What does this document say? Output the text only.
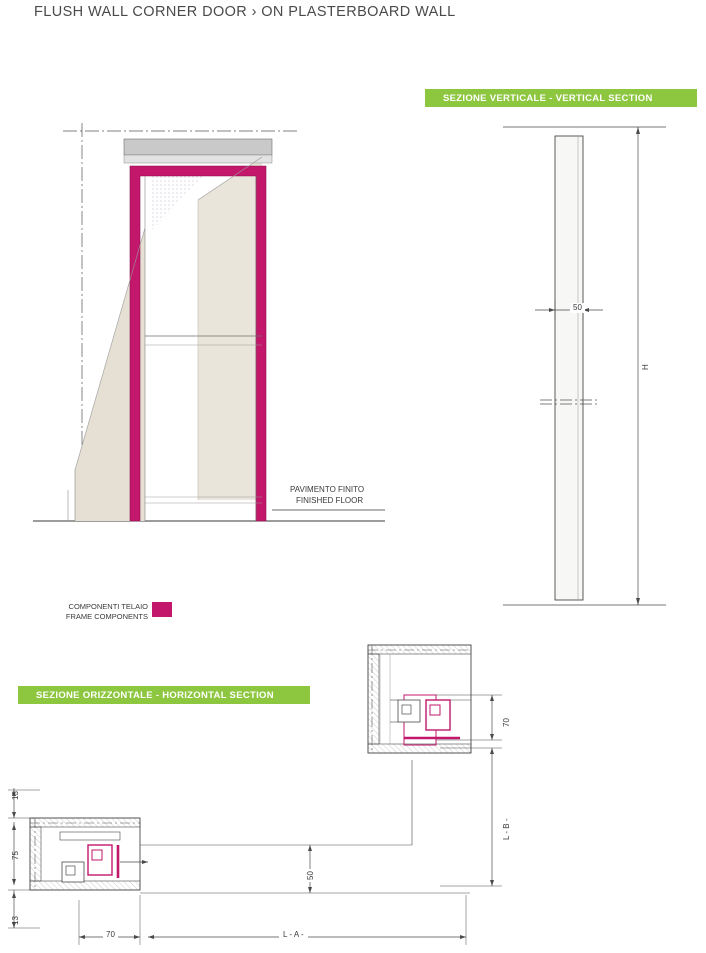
FLUSH WALL CORNER DOOR › ON PLASTERBOARD WALL
SEZIONE VERTICALE - VERTICAL SECTION
SEZIONE ORIZZONTALE - HORIZONTAL SECTION
PAVIMENTO FINITO
FINISHED FLOOR
COMPONENTI TELAIO
FRAME COMPONENTS
50
H
70
L - B -
50
13
75
13
70	L - A -
